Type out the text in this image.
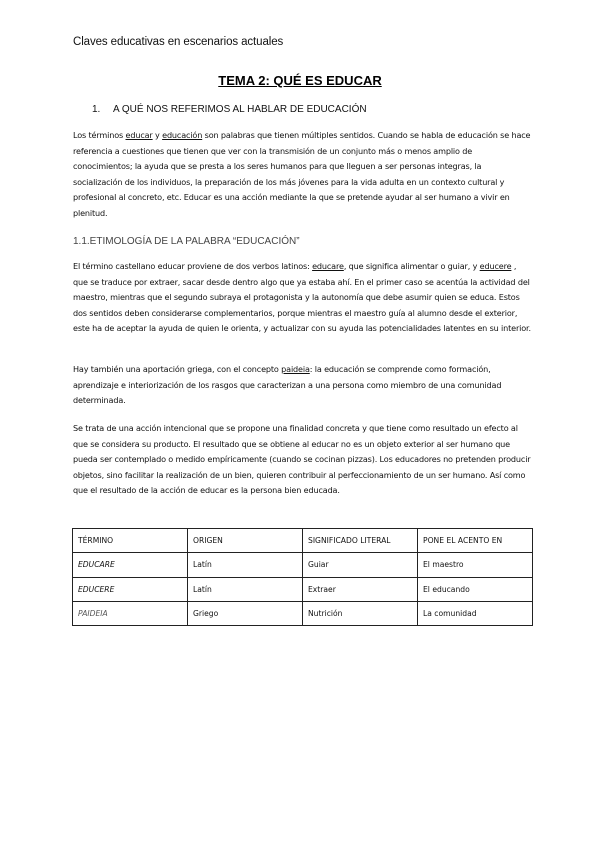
Claves educativas en escenarios actuales
TEMA 2: QUÉ ES EDUCAR
1. A QUÉ NOS REFERIMOS AL HABLAR DE EDUCACIÓN
Los términos educar y educación son palabras que tienen múltiples sentidos. Cuando se habla de educación se hace referencia a cuestiones que tienen que ver con la transmisión de un conjunto más o menos amplio de conocimientos; la ayuda que se presta a los seres humanos para que lleguen a ser personas integras, la socialización de los individuos, la preparación de los más jóvenes para la vida adulta en un contexto cultural y profesional al concreto, etc. Educar es una acción mediante la que se pretende ayudar al ser humano a vivir en plenitud.
1.1.ETIMOLOGÍA DE LA PALABRA “EDUCACIÓN”
El término castellano educar proviene de dos verbos latinos: educare, que significa alimentar o guiar, y educere , que se traduce por extraer, sacar desde dentro algo que ya estaba ahí. En el primer caso se acentúa la actividad del maestro, mientras que el segundo subraya el protagonista y la autonomía que debe asumir quien se educa. Estos dos sentidos deben considerarse complementarios, porque mientras el maestro guía al alumno desde el exterior, este ha de aceptar la ayuda de quien le orienta, y actualizar con su ayuda las potencialidades latentes en su interior.
Hay también una aportación griega, con el concepto paideia: la educación se comprende como formación, aprendizaje e interiorización de los rasgos que caracterizan a una persona como miembro de una comunidad determinada.
Se trata de una acción intencional que se propone una finalidad concreta y que tiene como resultado un efecto al que se considera su producto. El resultado que se obtiene al educar no es un objeto exterior al ser humano que pueda ser contemplado o medido empíricamente (cuando se cocinan pizzas). Los educadores no pretenden producir objetos, sino facilitar la realización de un bien, quieren contribuir al perfeccionamiento de un ser humano. Así como que el resultado de la acción de educar es la persona bien educada.
TÉRMINO	ORIGEN	SIGNIFICADO LITERAL	PONE EL ACENTO EN
EDUCARE	Latín	Guiar	El maestro
EDUCERE	Latín	Extraer	El educando
PAIDEIA	Griego	Nutrición	La comunidad
